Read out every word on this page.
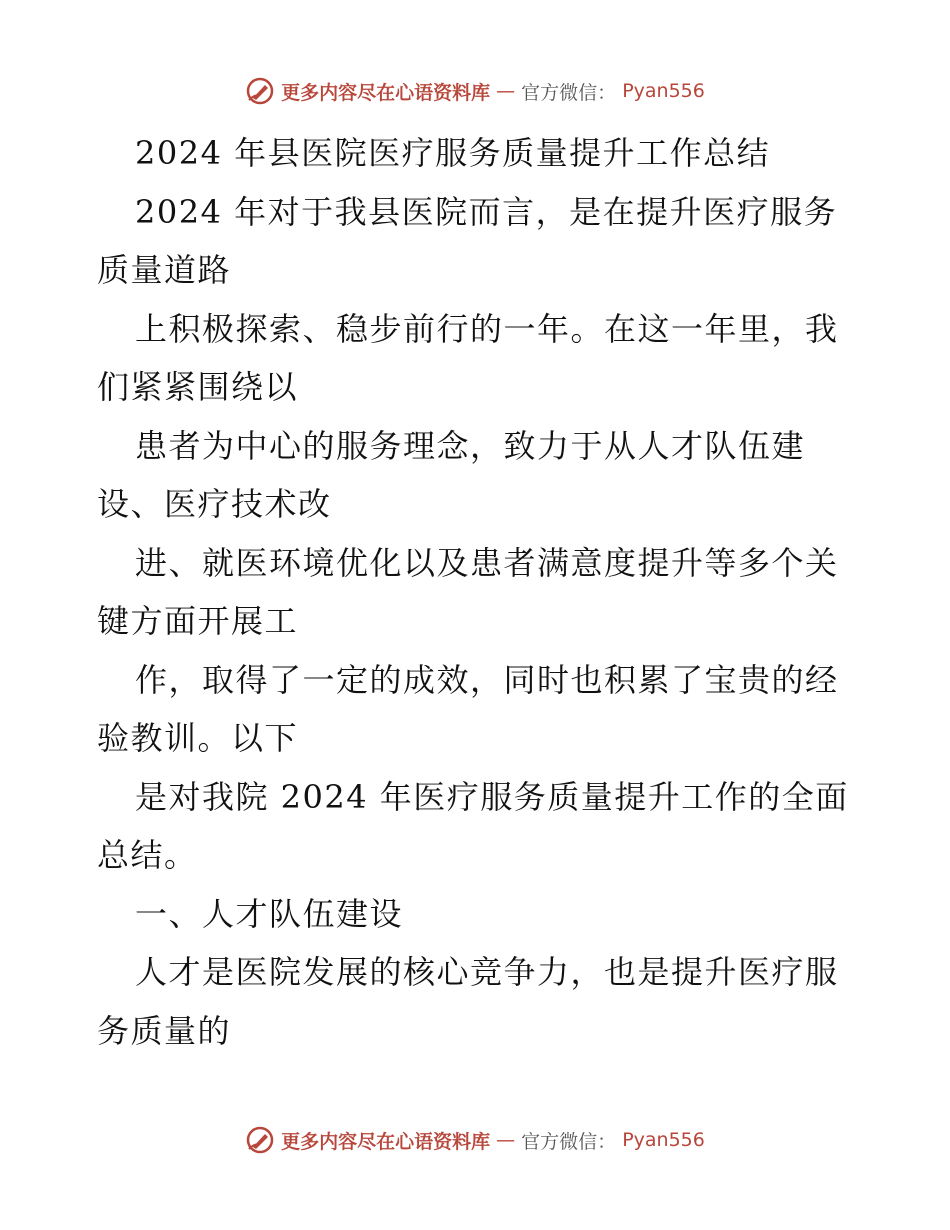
更多内容尽在心语资料库 — 官方微信： Pyan556
2024 年县医院医疗服务质量提升工作总结
2024 年对于我县医院而言，是在提升医疗服务
质量道路
上积极探索、稳步前行的一年。在这一年里，我
们紧紧围绕以
患者为中心的服务理念，致力于从人才队伍建
设、医疗技术改
进、就医环境优化以及患者满意度提升等多个关
键方面开展工
作，取得了一定的成效，同时也积累了宝贵的经
验教训。以下
是对我院 2024 年医疗服务质量提升工作的全面
总结。
一、人才队伍建设
人才是医院发展的核心竞争力，也是提升医疗服
务质量的
更多内容尽在心语资料库 — 官方微信： Pyan556
